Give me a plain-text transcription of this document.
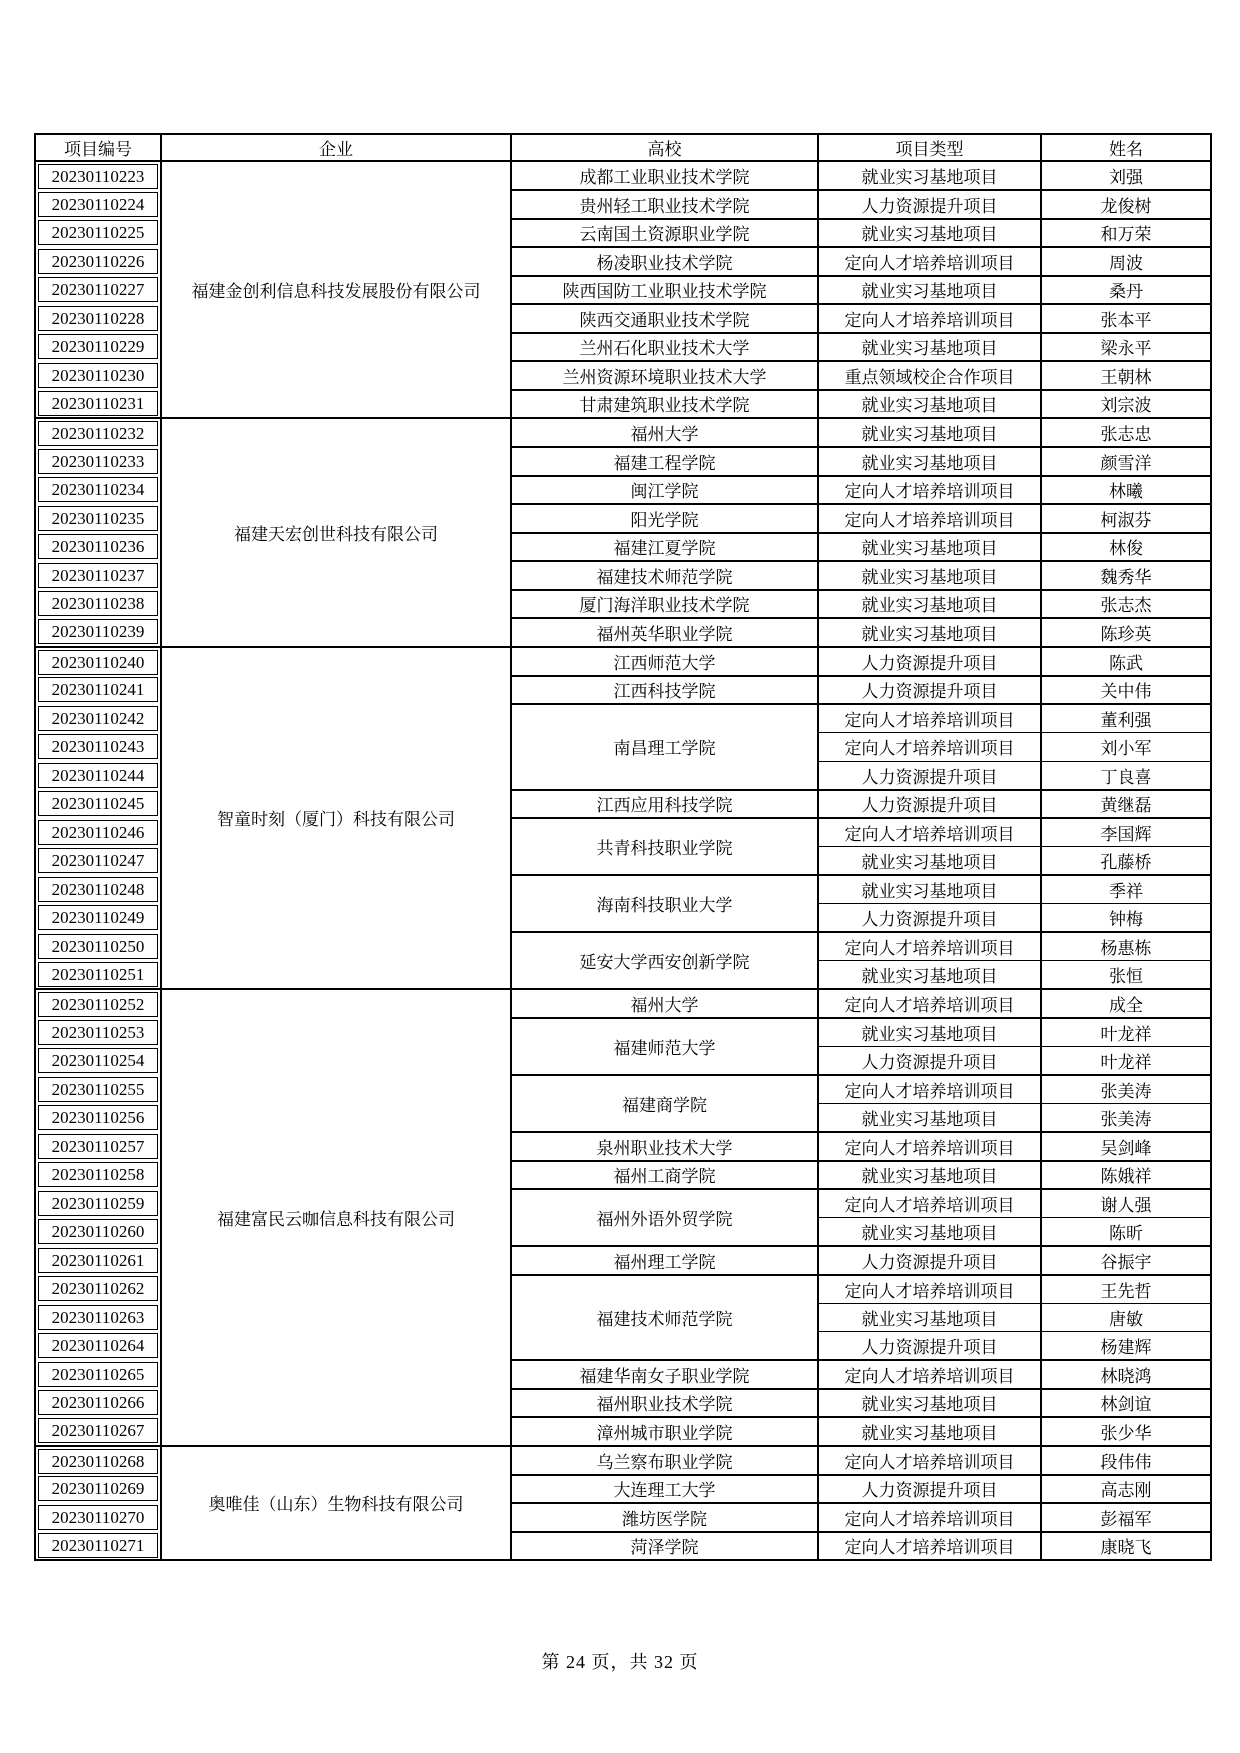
项目编号	企业	高校	项目类型	姓名

20230110223	福建金创利信息科技发展股份有限公司	成都工业职业技术学院	就业实习基地项目	刘强

20230110224		贵州轻工职业技术学院	人力资源提升项目	龙俊树

20230110225		云南国土资源职业学院	就业实习基地项目	和万荣

20230110226		杨凌职业技术学院	定向人才培养培训项目	周波

20230110227		陕西国防工业职业技术学院	就业实习基地项目	桑丹

20230110228		陕西交通职业技术学院	定向人才培养培训项目	张本平

20230110229		兰州石化职业技术大学	就业实习基地项目	梁永平

20230110230		兰州资源环境职业技术大学	重点领域校企合作项目	王朝林

20230110231		甘肃建筑职业技术学院	就业实习基地项目	刘宗波

20230110232	福建天宏创世科技有限公司	福州大学	就业实习基地项目	张志忠

20230110233		福建工程学院	就业实习基地项目	颜雪洋

20230110234		闽江学院	定向人才培养培训项目	林曦

20230110235		阳光学院	定向人才培养培训项目	柯淑芬

20230110236		福建江夏学院	就业实习基地项目	林俊

20230110237		福建技术师范学院	就业实习基地项目	魏秀华

20230110238		厦门海洋职业技术学院	就业实习基地项目	张志杰

20230110239		福州英华职业学院	就业实习基地项目	陈珍英

20230110240	智童时刻（厦门）科技有限公司	江西师范大学	人力资源提升项目	陈武

20230110241		江西科技学院	人力资源提升项目	关中伟

20230110242		南昌理工学院	定向人才培养培训项目	董利强

20230110243			定向人才培养培训项目	刘小军

20230110244			人力资源提升项目	丁良喜

20230110245		江西应用科技学院	人力资源提升项目	黄继磊

20230110246		共青科技职业学院	定向人才培养培训项目	李国辉

20230110247			就业实习基地项目	孔藤桥

20230110248		海南科技职业大学	就业实习基地项目	季祥

20230110249			人力资源提升项目	钟梅

20230110250		延安大学西安创新学院	定向人才培养培训项目	杨惠栋

20230110251			就业实习基地项目	张恒

20230110252	福建富民云咖信息科技有限公司	福州大学	定向人才培养培训项目	成全

20230110253		福建师范大学	就业实习基地项目	叶龙祥

20230110254			人力资源提升项目	叶龙祥

20230110255		福建商学院	定向人才培养培训项目	张美涛

20230110256			就业实习基地项目	张美涛

20230110257		泉州职业技术大学	定向人才培养培训项目	吴剑峰

20230110258		福州工商学院	就业实习基地项目	陈娥祥

20230110259		福州外语外贸学院	定向人才培养培训项目	谢人强

20230110260			就业实习基地项目	陈昕

20230110261		福州理工学院	人力资源提升项目	谷振宇

20230110262		福建技术师范学院	定向人才培养培训项目	王先哲

20230110263			就业实习基地项目	唐敏

20230110264			人力资源提升项目	杨建辉

20230110265		福建华南女子职业学院	定向人才培养培训项目	林晓鸿

20230110266		福州职业技术学院	就业实习基地项目	林剑谊

20230110267		漳州城市职业学院	就业实习基地项目	张少华

20230110268	奥唯佳（山东）生物科技有限公司	乌兰察布职业学院	定向人才培养培训项目	段伟伟

20230110269		大连理工大学	人力资源提升项目	高志刚

20230110270		潍坊医学院	定向人才培养培训项目	彭福军

20230110271		菏泽学院	定向人才培养培训项目	康晓飞
第 24 页，共 32 页
